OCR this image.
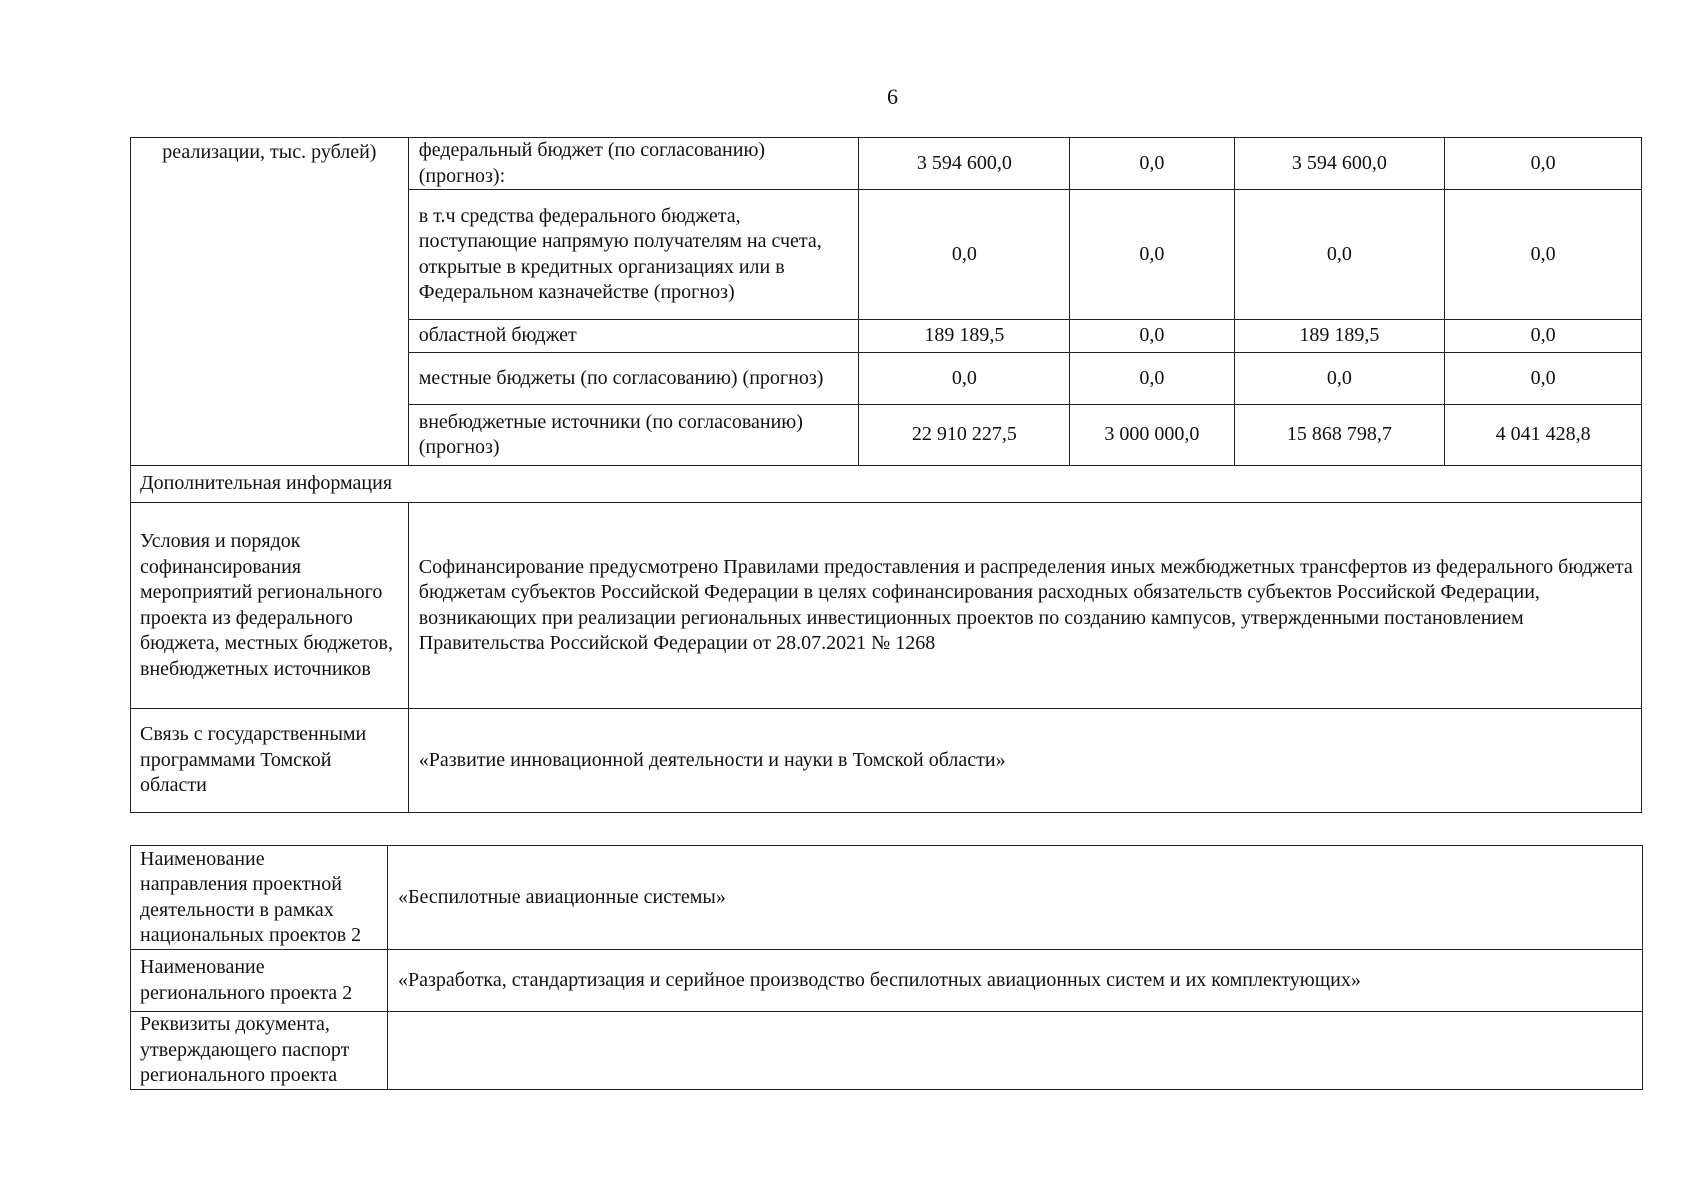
6
реализации, тыс. рублей)	федеральный бюджет (по согласованию) (прогноз):	3 594 600,0	0,0	3 594 600,0	0,0
	в т.ч средства федерального бюджета, поступающие напрямую получателям на счета, открытые в кредитных организациях или в Федеральном казначействе (прогноз)	0,0	0,0	0,0	0,0
	областной бюджет	189 189,5	0,0	189 189,5	0,0
	местные бюджеты (по согласованию) (прогноз)	0,0	0,0	0,0	0,0
	внебюджетные источники (по согласованию) (прогноз)	22 910 227,5	3 000 000,0	15 868 798,7	4 041 428,8
Дополнительная информация					
Условия и порядок софинансирования мероприятий регионального проекта из федерального бюджета, местных бюджетов, внебюджетных источников	Софинансирование предусмотрено Правилами предоставления и распределения иных межбюджетных трансфертов из федерального бюджета бюджетам субъектов Российской Федерации в целях софинансирования расходных обязательств субъектов Российской Федерации, возникающих при реализации региональных инвестиционных проектов по созданию кампусов, утвержденными постановлением Правительства Российской Федерации от 28.07.2021 № 1268				
Связь с государственными программами Томской области	«Развитие инновационной деятельности и науки в Томской области»				
Наименование направления проектной деятельности в рамках национальных проектов 2	«Беспилотные авиационные системы»
Наименование регионального проекта 2	«Разработка, стандартизация и серийное производство беспилотных авиационных систем и их комплектующих»
Реквизиты документа, утверждающего паспорт регионального проекта	
